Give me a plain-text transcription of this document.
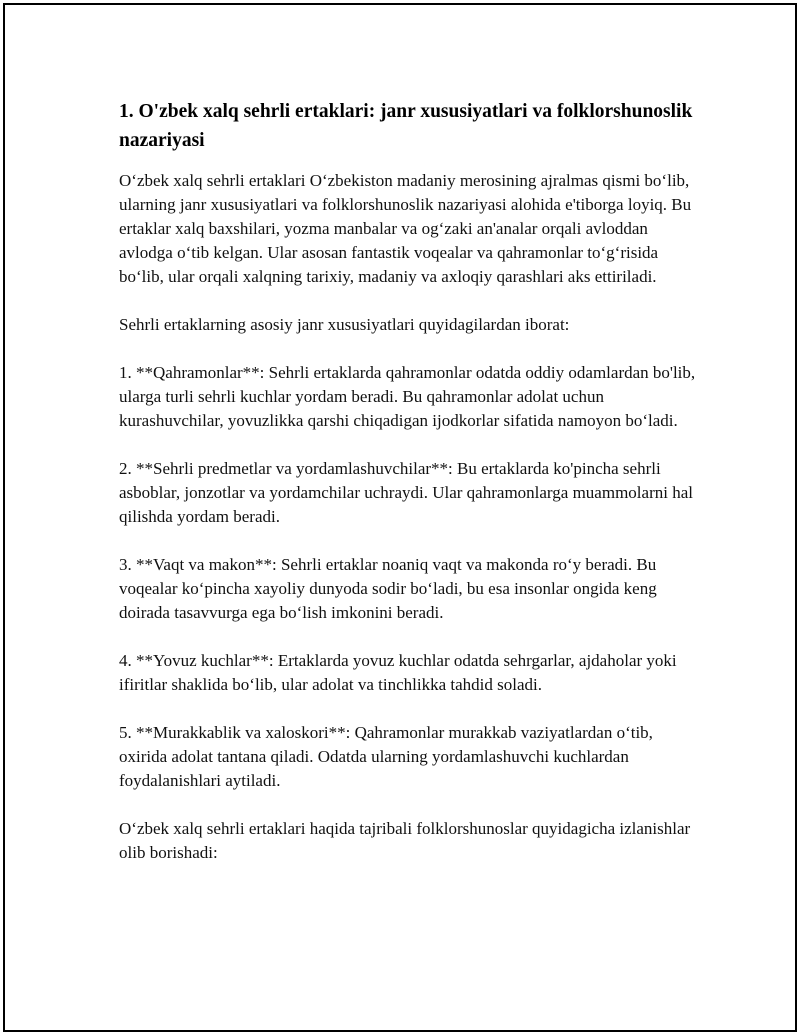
1. O'zbek xalq sehrli ertaklari: janr xususiyatlari va folklorshunoslik nazariyasi

O‘zbek xalq sehrli ertaklari O‘zbekiston madaniy merosining ajralmas qismi bo‘lib, ularning janr xususiyatlari va folklorshunoslik nazariyasi alohida e'tiborga loyiq. Bu ertaklar xalq baxshilari, yozma manbalar va og‘zaki an'analar orqali avloddan avlodga o‘tib kelgan. Ular asosan fantastik voqealar va qahramonlar to‘g‘risida bo‘lib, ular orqali xalqning tarixiy, madaniy va axloqiy qarashlari aks ettiriladi.

Sehrli ertaklarning asosiy janr xususiyatlari quyidagilardan iborat:

1. **Qahramonlar**: Sehrli ertaklarda qahramonlar odatda oddiy odamlardan bo'lib, ularga turli sehrli kuchlar yordam beradi. Bu qahramonlar adolat uchun kurashuvchilar, yovuzlikka qarshi chiqadigan ijodkorlar sifatida namoyon bo‘ladi.

2. **Sehrli predmetlar va yordamlashuvchilar**: Bu ertaklarda ko'pincha sehrli asboblar, jonzotlar va yordamchilar uchraydi. Ular qahramonlarga muammolarni hal qilishda yordam beradi.

3. **Vaqt va makon**: Sehrli ertaklar noaniq vaqt va makonda ro‘y beradi. Bu voqealar ko‘pincha xayoliy dunyoda sodir bo‘ladi, bu esa insonlar ongida keng doirada tasavvurga ega bo‘lish imkonini beradi.

4. **Yovuz kuchlar**: Ertaklarda yovuz kuchlar odatda sehrgarlar, ajdaholar yoki ifiritlar shaklida bo‘lib, ular adolat va tinchlikka tahdid soladi.

5. **Murakkablik va xaloskori**: Qahramonlar murakkab vaziyatlardan o‘tib, oxirida adolat tantana qiladi. Odatda ularning yordamlashuvchi kuchlardan foydalanishlari aytiladi.

O‘zbek xalq sehrli ertaklari haqida tajribali folklorshunoslar quyidagicha izlanishlar olib borishadi:
